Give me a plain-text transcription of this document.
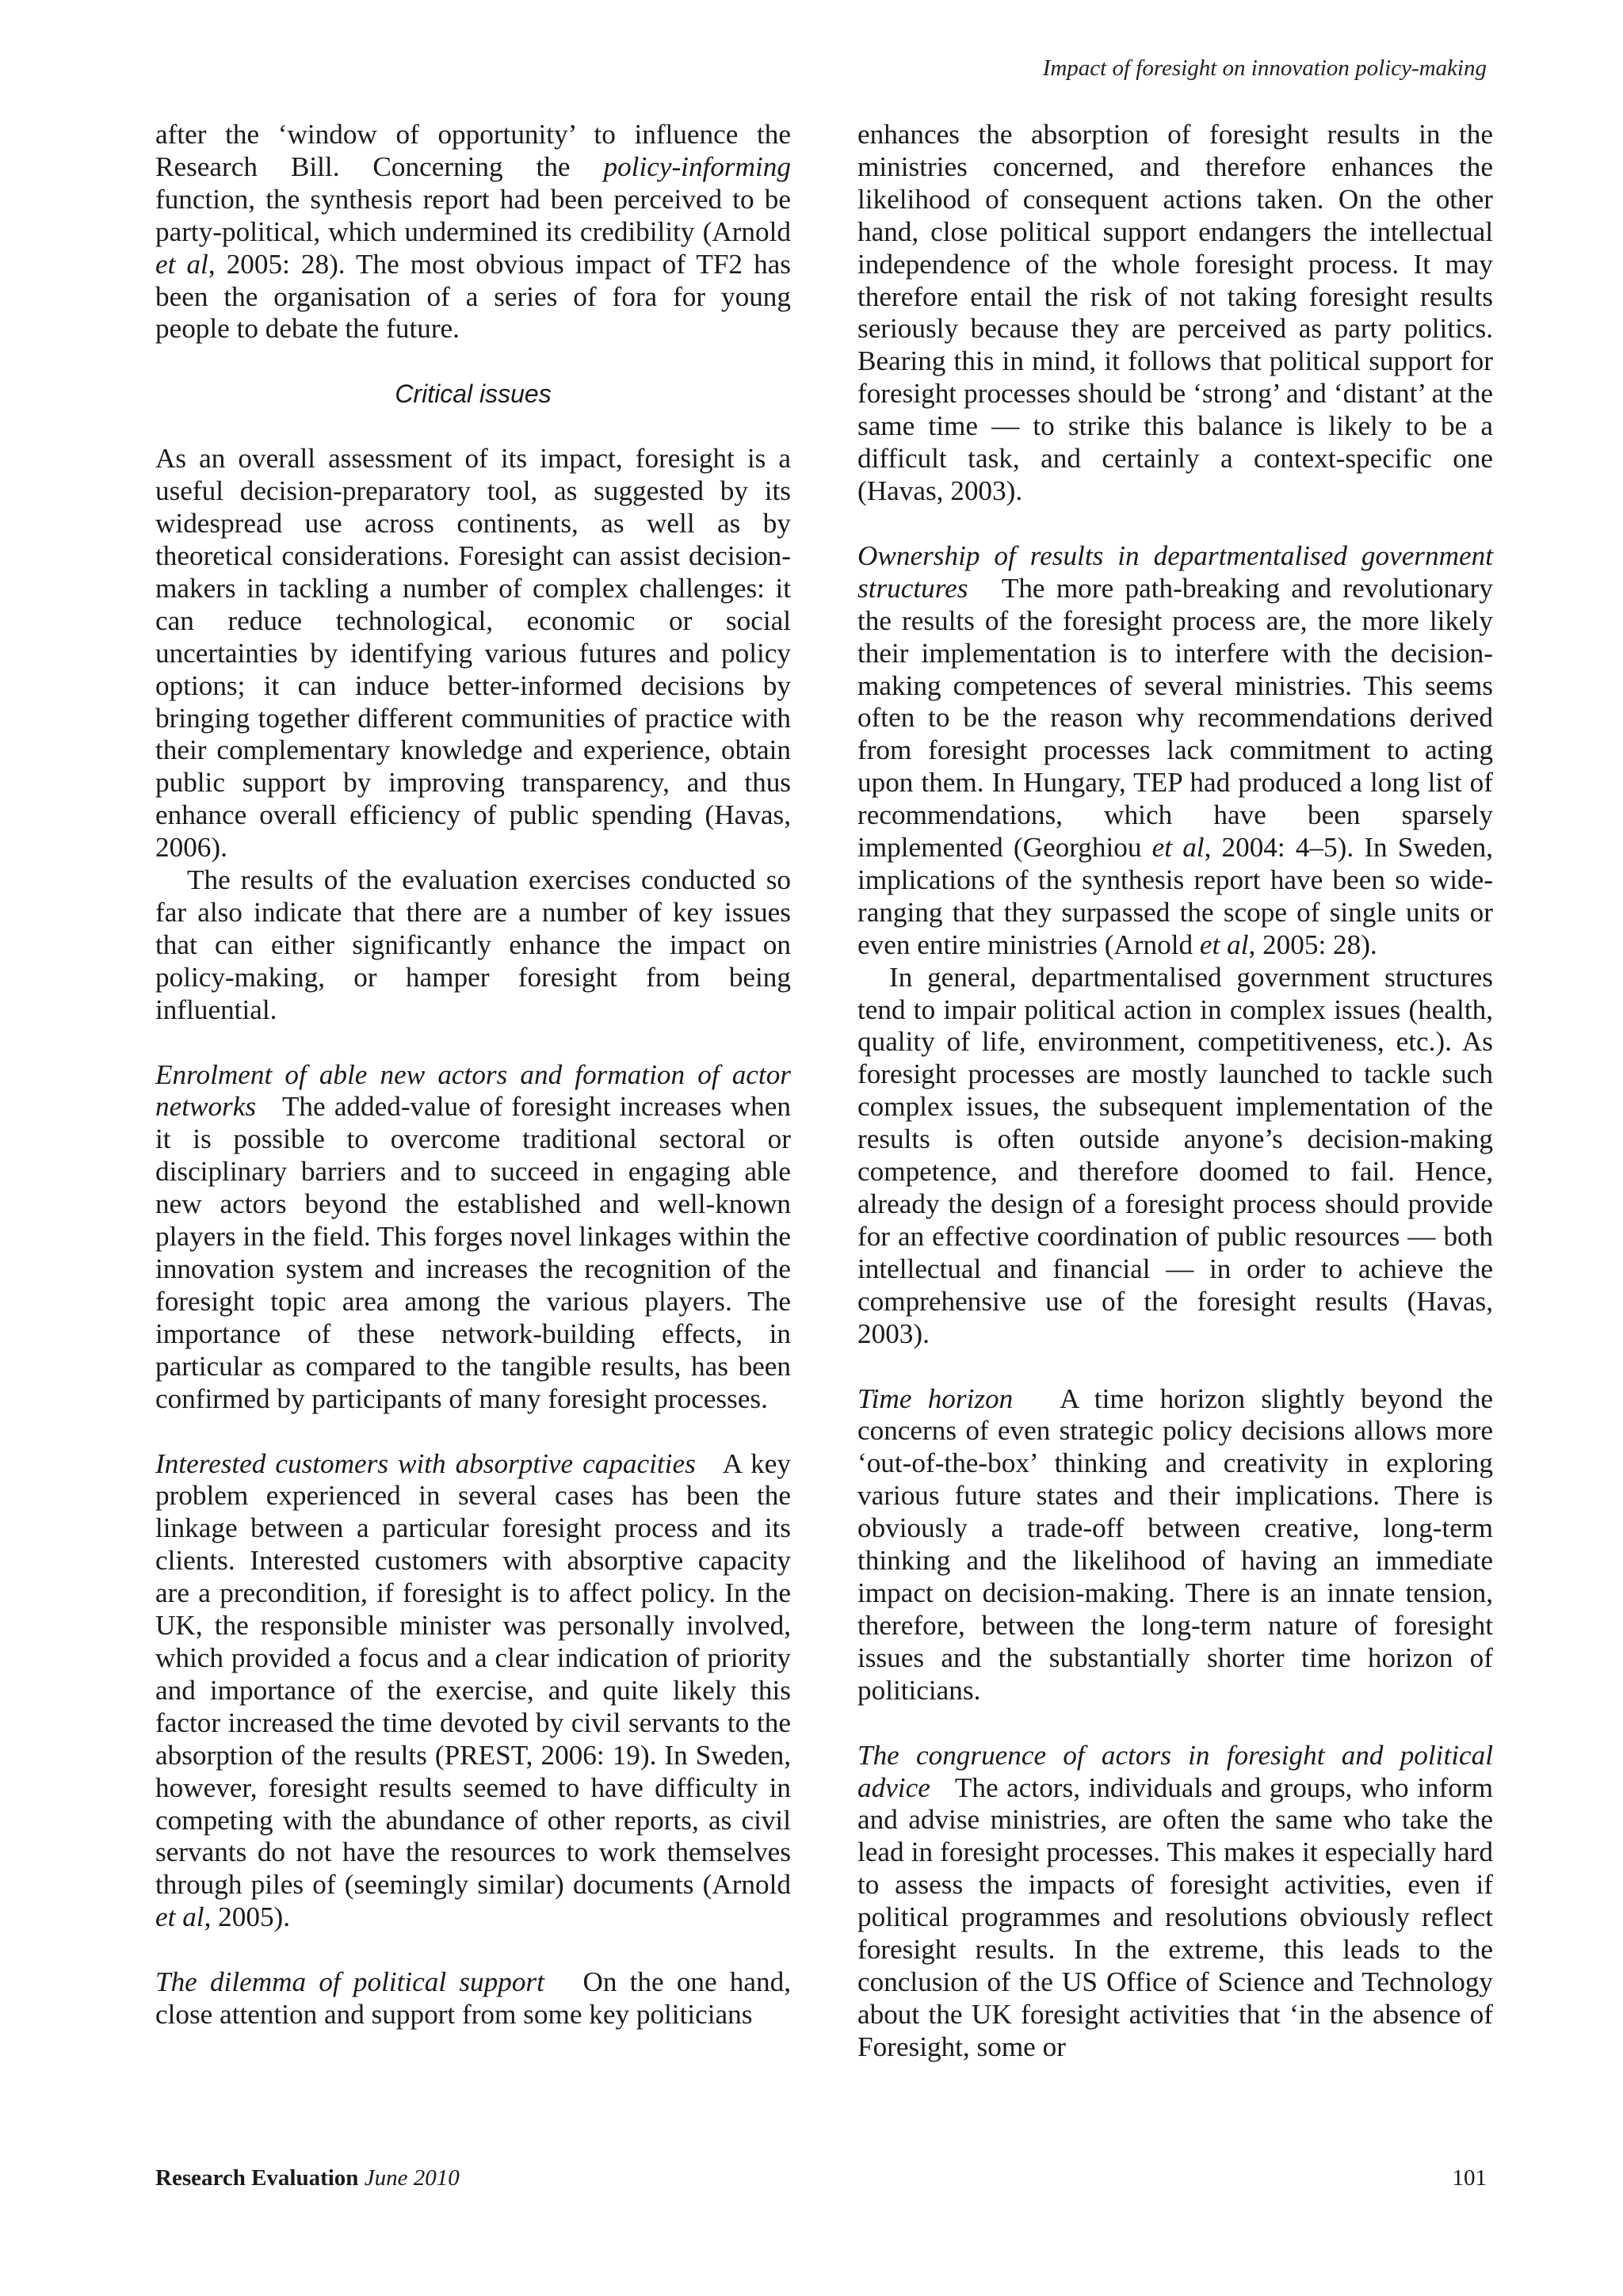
Impact of foresight on innovation policy-making

after the ‘window of opportunity’ to influence the Research Bill. Concerning the policy-informing function, the synthesis report had been perceived to be party-political, which undermined its credibility (Arnold et al, 2005: 28). The most obvious impact of TF2 has been the organisation of a series of fora for young people to debate the future.

Critical issues

As an overall assessment of its impact, foresight is a useful decision-preparatory tool, as suggested by its widespread use across continents, as well as by theoretical considerations. Foresight can assist decision-makers in tackling a number of complex challenges: it can reduce technological, economic or social uncertainties by identifying various futures and policy options; it can induce better-informed decisions by bringing together different communities of practice with their complementary knowledge and experience, obtain public support by improving transparency, and thus enhance overall efficiency of public spending (Havas, 2006).

The results of the evaluation exercises conducted so far also indicate that there are a number of key issues that can either significantly enhance the impact on policy-making, or hamper foresight from being influential.

Enrolment of able new actors and formation of actor networks The added-value of foresight increases when it is possible to overcome traditional sectoral or disciplinary barriers and to succeed in engaging able new actors beyond the established and well-known players in the field. This forges novel linkages within the innovation system and increases the recognition of the foresight topic area among the various players. The importance of these network-building effects, in particular as compared to the tangible results, has been confirmed by participants of many foresight processes.

Interested customers with absorptive capacities A key problem experienced in several cases has been the linkage between a particular foresight process and its clients. Interested customers with absorptive capacity are a precondition, if foresight is to affect policy. In the UK, the responsible minister was personally involved, which provided a focus and a clear indication of priority and importance of the exercise, and quite likely this factor increased the time devoted by civil servants to the absorption of the results (PREST, 2006: 19). In Sweden, however, foresight results seemed to have difficulty in competing with the abundance of other reports, as civil servants do not have the resources to work themselves through piles of (seemingly similar) documents (Arnold et al, 2005).

The dilemma of political support On the one hand, close attention and support from some key politicians

enhances the absorption of foresight results in the ministries concerned, and therefore enhances the likelihood of consequent actions taken. On the other hand, close political support endangers the intellectual independence of the whole foresight process. It may therefore entail the risk of not taking foresight results seriously because they are perceived as party politics. Bearing this in mind, it follows that political support for foresight processes should be ‘strong’ and ‘distant’ at the same time — to strike this balance is likely to be a difficult task, and certainly a context-specific one (Havas, 2003).

Ownership of results in departmentalised government structures The more path-breaking and revolutionary the results of the foresight process are, the more likely their implementation is to interfere with the decision-making competences of several ministries. This seems often to be the reason why recommendations derived from foresight processes lack commitment to acting upon them. In Hungary, TEP had produced a long list of recommendations, which have been sparsely implemented (Georghiou et al, 2004: 4–5). In Sweden, implications of the synthesis report have been so wide-ranging that they surpassed the scope of single units or even entire ministries (Arnold et al, 2005: 28).

In general, departmentalised government structures tend to impair political action in complex issues (health, quality of life, environment, competitiveness, etc.). As foresight processes are mostly launched to tackle such complex issues, the subsequent implementation of the results is often outside anyone’s decision-making competence, and therefore doomed to fail. Hence, already the design of a foresight process should provide for an effective coordination of public resources — both intellectual and financial — in order to achieve the comprehensive use of the foresight results (Havas, 2003).

Time horizon A time horizon slightly beyond the concerns of even strategic policy decisions allows more ‘out-of-the-box’ thinking and creativity in exploring various future states and their implications. There is obviously a trade-off between creative, long-term thinking and the likelihood of having an immediate impact on decision-making. There is an innate tension, therefore, between the long-term nature of foresight issues and the substantially shorter time horizon of politicians.

The congruence of actors in foresight and political advice The actors, individuals and groups, who inform and advise ministries, are often the same who take the lead in foresight processes. This makes it especially hard to assess the impacts of foresight activities, even if political programmes and resolutions obviously reflect foresight results. In the extreme, this leads to the conclusion of the US Office of Science and Technology about the UK foresight activities that ‘in the absence of Foresight, some or

Research Evaluation June 2010	101
